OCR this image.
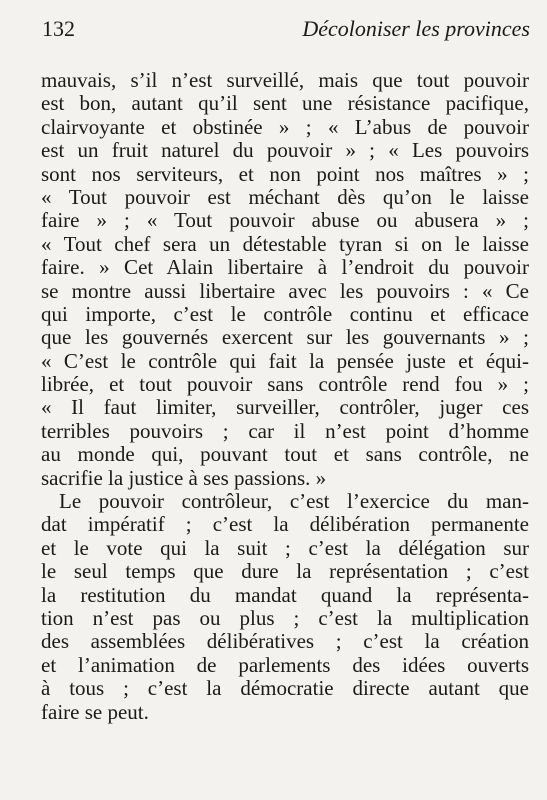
132	Décoloniser les provinces
mauvais, s’il n’est surveillé, mais que tout pouvoir
est bon, autant qu’il sent une résistance pacifique,
clairvoyante et obstinée » ; « L’abus de pouvoir
est un fruit naturel du pouvoir » ; « Les pouvoirs
sont nos serviteurs, et non point nos maîtres » ;
« Tout pouvoir est méchant dès qu’on le laisse
faire » ; « Tout pouvoir abuse ou abusera » ;
« Tout chef sera un détestable tyran si on le laisse
faire. » Cet Alain libertaire à l’endroit du pouvoir
se montre aussi libertaire avec les pouvoirs : « Ce
qui importe, c’est le contrôle continu et efficace
que les gouvernés exercent sur les gouvernants » ;
« C’est le contrôle qui fait la pensée juste et équi-
librée, et tout pouvoir sans contrôle rend fou » ;
« Il faut limiter, surveiller, contrôler, juger ces
terribles pouvoirs ; car il n’est point d’homme
au monde qui, pouvant tout et sans contrôle, ne
sacrifie la justice à ses passions. »
Le pouvoir contrôleur, c’est l’exercice du man-
dat impératif ; c’est la délibération permanente
et le vote qui la suit ; c’est la délégation sur
le seul temps que dure la représentation ; c’est
la restitution du mandat quand la représenta-
tion n’est pas ou plus ; c’est la multiplication
des assemblées délibératives ; c’est la création
et l’animation de parlements des idées ouverts
à tous ; c’est la démocratie directe autant que
faire se peut.
